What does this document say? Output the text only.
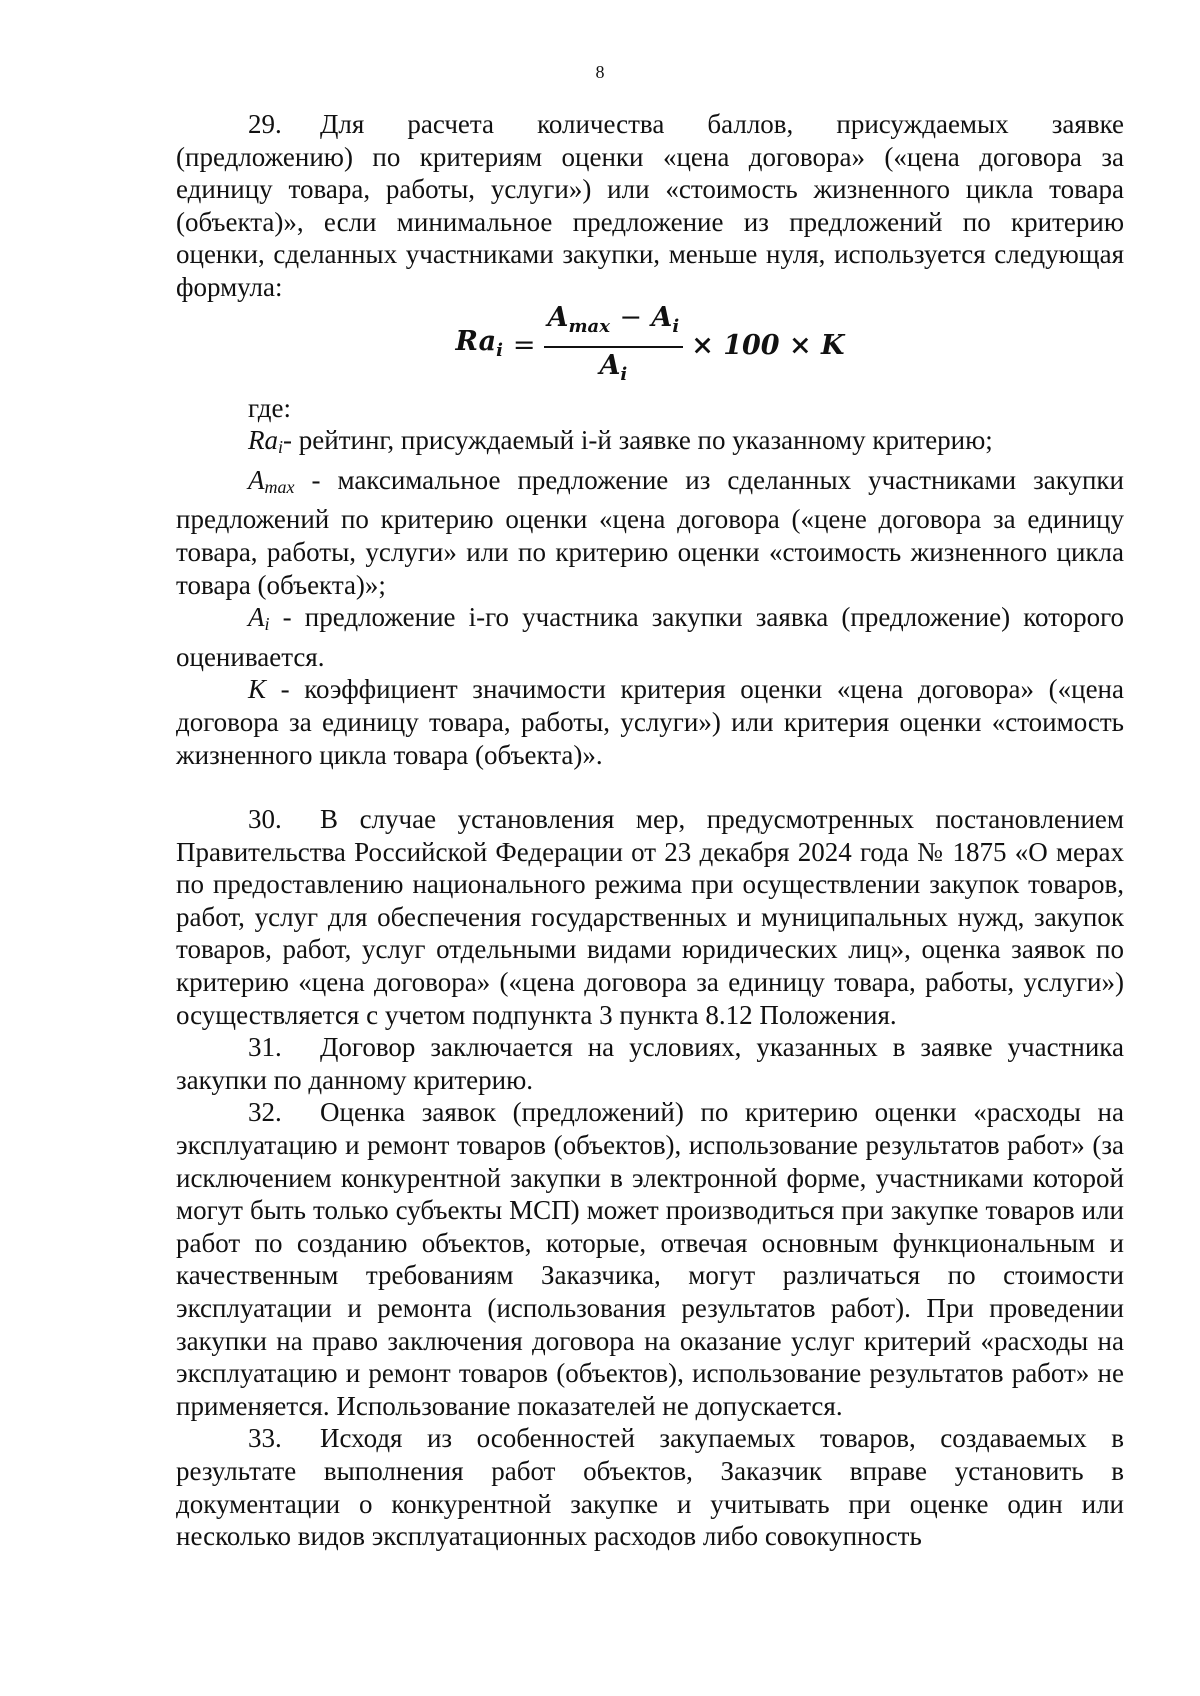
8

29. Для расчета количества баллов, присуждаемых заявке (предложению) по критериям оценки «цена договора» («цена договора за единицу товара, работы, услуги») или «стоимость жизненного цикла товара (объекта)», если минимальное предложение из предложений по критерию оценки, сделанных участниками закупки, меньше нуля, используется следующая формула:

$Ra_i = \frac{A_{max} - A_i}{A_i} \times 100 \times K$

где:

Rai- рейтинг, присуждаемый i-й заявке по указанному критерию;

Amax - максимальное предложение из сделанных участниками закупки предложений по критерию оценки «цена договора («цене договора за единицу товара, работы, услуги» или по критерию оценки «стоимость жизненного цикла товара (объекта)»;

Ai - предложение i-го участника закупки заявка (предложение) которого оценивается.

K - коэффициент значимости критерия оценки «цена договора» («цена договора за единицу товара, работы, услуги») или критерия оценки «стоимость жизненного цикла товара (объекта)».

30. В случае установления мер, предусмотренных постановлением Правительства Российской Федерации от 23 декабря 2024 года № 1875 «О мерах по предоставлению национального режима при осуществлении закупок товаров, работ, услуг для обеспечения государственных и муниципальных нужд, закупок товаров, работ, услуг отдельными видами юридических лиц», оценка заявок по критерию «цена договора» («цена договора за единицу товара, работы, услуги») осуществляется с учетом подпункта 3 пункта 8.12 Положения.

31. Договор заключается на условиях, указанных в заявке участника закупки по данному критерию.

32. Оценка заявок (предложений) по критерию оценки «расходы на эксплуатацию и ремонт товаров (объектов), использование результатов работ» (за исключением конкурентной закупки в электронной форме, участниками которой могут быть только субъекты МСП) может производиться при закупке товаров или работ по созданию объектов, которые, отвечая основным функциональным и качественным требованиям Заказчика, могут различаться по стоимости эксплуатации и ремонта (использования результатов работ). При проведении закупки на право заключения договора на оказание услуг критерий «расходы на эксплуатацию и ремонт товаров (объектов), использование результатов работ» не применяется. Использование показателей не допускается.

33. Исходя из особенностей закупаемых товаров, создаваемых в результате выполнения работ объектов, Заказчик вправе установить в документации о конкурентной закупке и учитывать при оценке один или несколько видов эксплуатационных расходов либо совокупность
